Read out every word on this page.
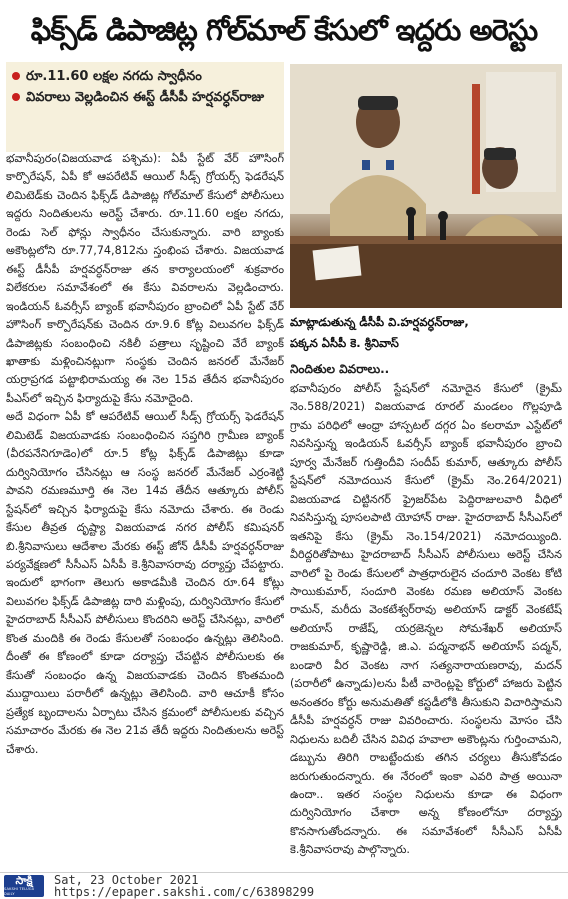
ఫిక్స్‌డ్ డిపాజిట్ల గోల్‌మాల్ కేసులో ఇద్దరు అరెస్టు
రూ.11.60 లక్షల నగదు స్వాధీనం
వివరాలు వెల్లడించిన ఈస్ట్ డీసీపీ హర్షవర్ధన్‌రాజు
మాట్లాడుతున్న డీసీపీ వి.హర్షవర్ధన్‌రాజు,
పక్కన ఏసీపీ కె. శ్రీనివాస్

భవానీపురం(విజయవాడ పశ్చిమ): ఏపీ స్టేట్ వేర్ హౌసింగ్ కార్పొరేషన్, ఏపీ కో ఆపరేటివ్ ఆయిల్ సీడ్స్ గ్రోయర్స్ ఫెడరేషన్ లిమిటెడ్‌కు చెందిన ఫిక్స్‌డ్ డిపాజిట్ల గోల్‌మాల్ కేసులో పోలీసులు ఇద్దరు నిందితులను అరెస్ట్ చేశారు. రూ.11.60 లక్షల నగదు, రెండు సెల్ ఫోన్లు స్వాధీనం చేసుకున్నారు. వారి బ్యాంకు అకౌంట్లలోని రూ.77,74,812ను స్తంభింప చేశారు. విజయవాడ ఈస్ట్ డీసీపీ హర్షవర్ధన్‌రాజు తన కార్యాలయంలో శుక్రవారం విలేకరుల సమావేశంలో ఈ కేసు వివరాలను వెల్లడించారు. ఇండియన్ ఓవర్సీస్ బ్యాంక్ భవానీపురం బ్రాంచిలో ఏపీ స్టేట్ వేర్ హౌసింగ్ కార్పొరేషన్‌కు చెందిన రూ.9.6 కోట్ల విలువగల ఫిక్స్‌డ్ డిపాజిట్లకు సంబంధించి నకిలీ పత్రాలు సృష్టించి వేరే బ్యాంక్ ఖాతాకు మళ్లించినట్లుగా సంస్థకు చెందిన జనరల్ మేనేజర్ యర్రాప్రగడ పట్టాభిరామయ్య ఈ నెల 15వ తేదీన భవానీపురం పీఎస్‌లో ఇచ్చిన ఫిర్యాదుపై కేసు నమోదైంది.

అదే విధంగా ఏపీ కో ఆపరేటివ్ ఆయిల్ సీడ్స్ గ్రోయర్స్ ఫెడరేషన్ లిమిటెడ్ విజయవాడకు సంబంధించిన సప్తగిరి గ్రామీణ బ్యాంక్ (వీరపనేనిగూడెం)లో రూ.5 కోట్ల ఫిక్స్‌డ్ డిపాజిట్లు కూడా దుర్వినియోగం చేసినట్లు ఆ సంస్థ జనరల్ మేనేజర్ ఎర్రంశెట్టి పావని రమణమూర్తి ఈ నెల 14వ తేదీన ఆత్కూరు పోలీస్ స్టేషన్‌లో ఇచ్చిన ఫిర్యాదుపై కేసు నమోదు చేశారు. ఈ రెండు కేసుల తీవ్రత దృష్ట్యా విజయవాడ నగర పోలీస్ కమిషనర్ బి.శ్రీనివాసులు ఆదేశాల మేరకు ఈస్ట్ జోన్ డీసీపీ హర్షవర్ధన్‌రాజు పర్యవేక్షణలో సీసీఎస్ ఏసీపీ కె.శ్రీనివాసరావు దర్యాప్తు చేపట్టారు. ఇందులో భాగంగా తెలుగు అకాడమీకి చెందిన రూ.64 కోట్లు విలువగల ఫిక్స్‌డ్ డిపాజిట్ల దారి మళ్లింపు, దుర్వినియోగం కేసులో హైదరాబాద్ సీసీఎస్ పోలీసులు కొందరిని అరెస్ట్ చేసినట్లు, వారిలో కొంత మందికి ఈ రెండు కేసులతో సంబంధం ఉన్నట్లు తెలిసింది. దీంతో ఈ కోణంలో కూడా దర్యాప్తు చేపట్టిన పోలీసులకు ఈ కేసుతో సంబంధం ఉన్న విజయవాడకు చెందిన కొంతమంది ముద్దాయిలు పరారీలో ఉన్నట్లు తెలిసింది. వారి ఆచూకీ కోసం ప్రత్యేక బృందాలను ఏర్పాటు చేసిన క్రమంలో పోలీసులకు వచ్చిన సమాచారం మేరకు ఈ నెల 21వ తేదీ ఇద్దరు నిందితులను అరెస్ట్ చేశారు.

నిందితుల వివరాలు..

భవానీపురం పోలీస్ స్టేషన్‌లో నమోదైన కేసులో (క్రైమ్ నెం.588/2021) విజయవాడ రూరల్ మండలం గొల్లపూడి గ్రామ పరిధిలో ఆంధ్రా హాస్పటల్ దగ్గర ఏం కలరామా ఎస్టేట్‌లో నివసిస్తున్న ఇండియన్ ఓవర్సీస్ బ్యాంక్ భవానీపురం బ్రాంచి పూర్వ మేనేజర్ గుత్తిందీవి సందీప్ కుమార్, ఆత్కూరు పోలీస్ స్టేషన్‌లో నమోదయిన కేసులో (క్రైమ్ నెం.264/2021) విజయవాడ చిట్టినగర్ ఫ్రైజర్‌పేట పెద్దిరాజులవారి వీధిలో నివసిస్తున్న పూసలపాటి యోహాన్ రాజు. హైదరాబాద్ సీసీఎస్‌లో ఇతనిపై కేసు (క్రైమ్ నెం.154/2021) నమోదయ్యింది. వీరిద్దరితోపాటు హైదరాబాద్ సీసీఎస్ పోలీసులు అరెస్ట్ చేసిన వారిలో పై రెండు కేసులలో పాత్రధారులైన చందూరి వెంకట కోటి సాయికుమార్, సందూరి వెంకట రమణ అలియాస్ వెంకట రామన్, మరీదు వెంకటేశ్వర్‌రావు అలియాస్ డాక్టర్ వెంకటేష్ అలియాస్ రాజేష్, యర్రజెన్నల సోమశేఖర్ అలియాస్ రాజకుమార్, కృష్ణారెడ్డి, జి.ఎ. పద్మనాభన్ అలియాస్ పద్మన్, బండారి వీర వెంకట నాగ సత్యనారాయణరావు, మదన్ (పరారీలో ఉన్నాడు)లను పీటీ వారెంట్లపై కోర్టులో హాజరు పెట్టిన అనంతరం కోర్టు అనుమతితో కస్టడీలోకి తీసుకుని విచారిస్తామని డీసీపీ హర్షవర్ధన్ రాజు వివరించారు. సంస్థలను మోసం చేసి నిధులను బదిలీ చేసిన వివిధ హవాలా అకౌంట్లను గుర్తించామని, డబ్బును తిరిగి రాబట్టేందుకు తగిన చర్యలు తీసుకోవడం జరుగుతుందన్నారు. ఈ నేరంలో ఇంకా ఎవరి పాత్ర అయినా ఉందా.. ఇతర సంస్థల నిధులను కూడా ఈ విధంగా దుర్వినియోగం చేశారా అన్న కోణంలోనూ దర్యాప్తు కొనసాగుతోందన్నారు. ఈ సమావేశంలో సీసీఎస్ ఏసీపీ కె.శ్రీనివాసరావు పాల్గొన్నారు.

సాక్షి
SAKSHI TELUGU DAILY
Sat, 23 October 2021
https://epaper.sakshi.com/c/63898299
